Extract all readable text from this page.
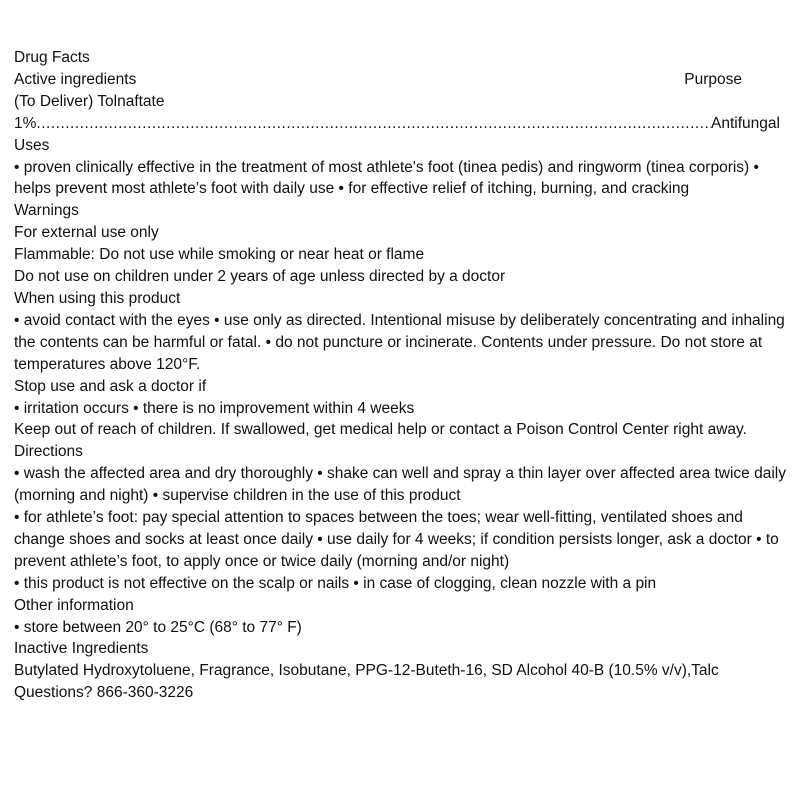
Drug Facts
Active ingredients	Purpose
(To Deliver) Tolnaftate
1%
.....	Antifungal
Uses
• proven clinically effective in the treatment of most athlete's foot (tinea pedis) and ringworm (tinea corporis) • helps prevent most athlete’s foot with daily use • for effective relief of itching, burning, and cracking
Warnings
For external use only
Flammable: Do not use while smoking or near heat or flame
Do not use on children under 2 years of age unless directed by a doctor
When using this product
• avoid contact with the eyes • use only as directed. Intentional misuse by deliberately concentrating and inhaling the contents can be harmful or fatal. • do not puncture or incinerate. Contents under pressure. Do not store at temperatures above 120°F.
Stop use and ask a doctor if
• irritation occurs • there is no improvement within 4 weeks
Keep out of reach of children. If swallowed, get medical help or contact a Poison Control Center right away.
Directions
• wash the affected area and dry thoroughly • shake can well and spray a thin layer over affected area twice daily (morning and night) • supervise children in the use of this product
• for athlete’s foot: pay special attention to spaces between the toes; wear well-fitting, ventilated shoes and change shoes and socks at least once daily • use daily for 4 weeks; if condition persists longer, ask a doctor • to prevent athlete’s foot, to apply once or twice daily (morning and/or night)
• this product is not effective on the scalp or nails • in case of clogging, clean nozzle with a pin
Other information
• store between 20° to 25°C (68° to 77° F)
Inactive Ingredients
Butylated Hydroxytoluene, Fragrance, Isobutane, PPG-12-Buteth-16, SD Alcohol 40-B (10.5% v/v),Talc
Questions? 866-360-3226
